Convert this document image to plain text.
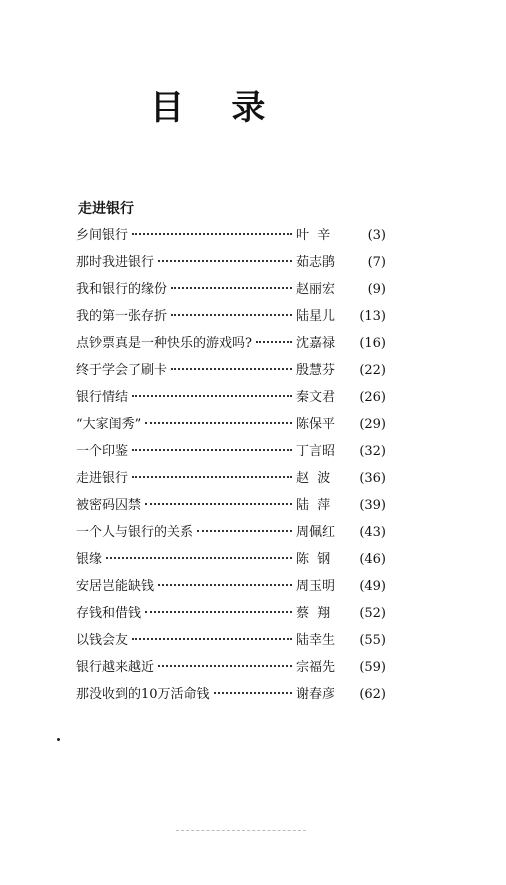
目    录
走进银行
乡间银行	叶  辛	(3)
那时我进银行	茹志鹃	(7)
我和银行的缘份	赵丽宏	(9)
我的第一张存折	陆星儿	(13)
点钞票真是一种快乐的游戏吗?	沈嘉禄	(16)
终于学会了刷卡	殷慧芬	(22)
银行情结	秦文君	(26)
“大家闺秀”	陈保平	(29)
一个印鉴	丁言昭	(32)
走进银行	赵  波	(36)
被密码囚禁	陆  萍	(39)
一个人与银行的关系	周佩红	(43)
银缘	陈  钢	(46)
安居岂能缺钱	周玉明	(49)
存钱和借钱	蔡  翔	(52)
以钱会友	陆幸生	(55)
银行越来越近	宗福先	(59)
那没收到的10万活命钱	谢春彦	(62)
